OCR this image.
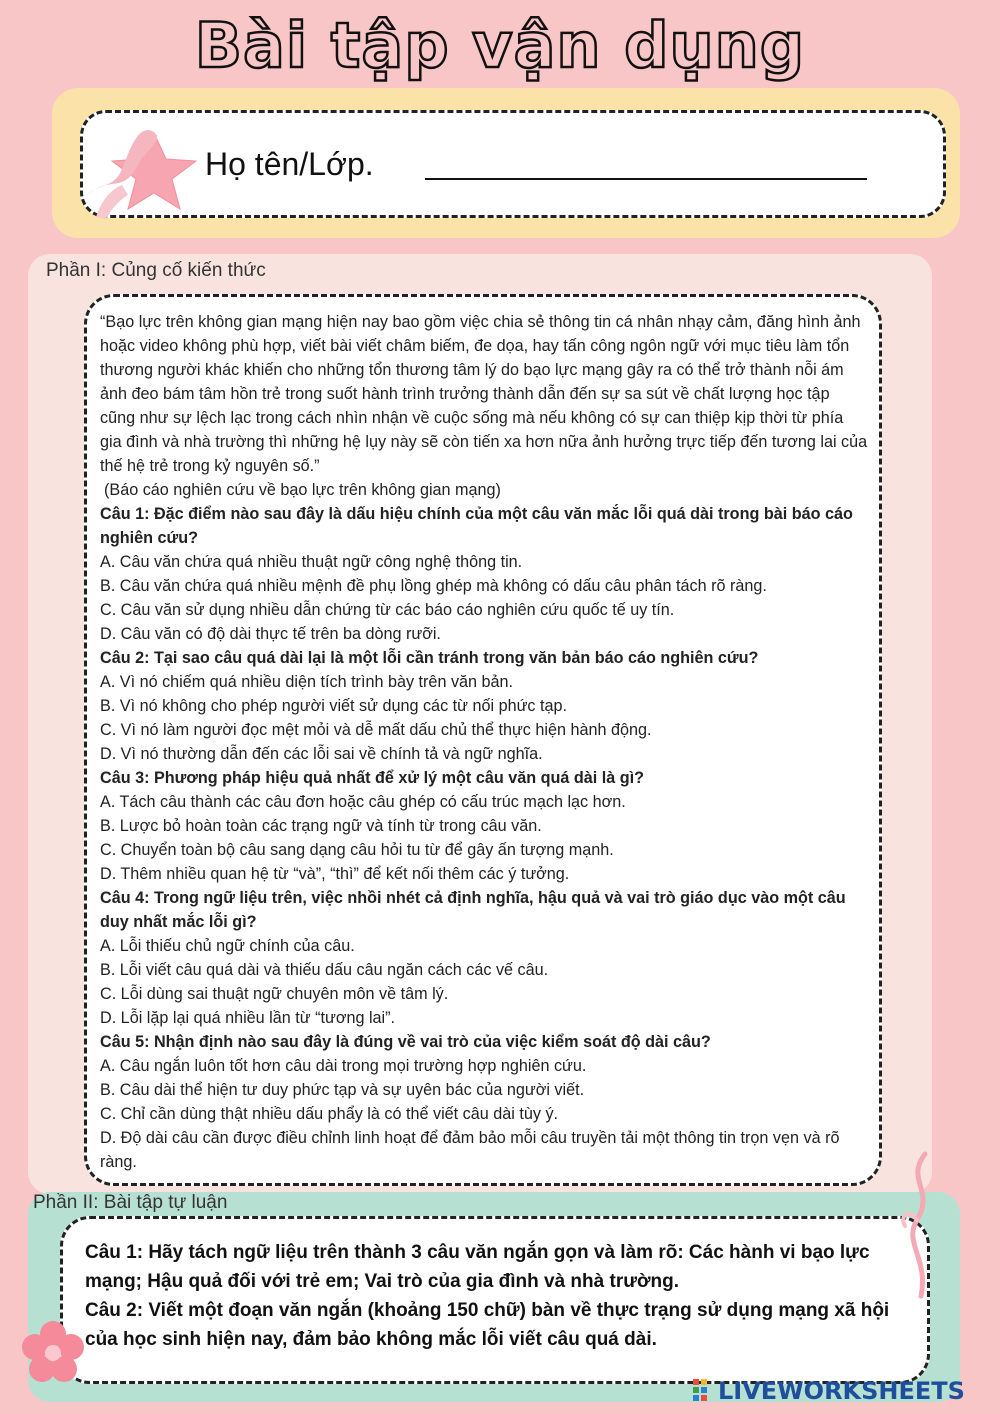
Bài tập vận dụng
Họ tên/Lớp.
Phần I: Củng cố kiến thức
“Bạo lực trên không gian mạng hiện nay bao gồm việc chia sẻ thông tin cá nhân nhạy cảm, đăng hình ảnh hoặc video không phù hợp, viết bài viết châm biếm, đe dọa, hay tấn công ngôn ngữ với mục tiêu làm tổn thương người khác khiến cho những tổn thương tâm lý do bạo lực mạng gây ra có thể trở thành nỗi ám ảnh đeo bám tâm hồn trẻ trong suốt hành trình trưởng thành dẫn đến sự sa sút về chất lượng học tập cũng như sự lệch lạc trong cách nhìn nhận về cuộc sống mà nếu không có sự can thiệp kịp thời từ phía gia đình và nhà trường thì những hệ lụy này sẽ còn tiến xa hơn nữa ảnh hưởng trực tiếp đến tương lai của thế hệ trẻ trong kỷ nguyên số.”
(Báo cáo nghiên cứu về bạo lực trên không gian mạng)
Câu 1: Đặc điểm nào sau đây là dấu hiệu chính của một câu văn mắc lỗi quá dài trong bài báo cáo nghiên cứu?
A. Câu văn chứa quá nhiều thuật ngữ công nghệ thông tin.
B. Câu văn chứa quá nhiều mệnh đề phụ lồng ghép mà không có dấu câu phân tách rõ ràng.
C. Câu văn sử dụng nhiều dẫn chứng từ các báo cáo nghiên cứu quốc tế uy tín.
D. Câu văn có độ dài thực tế trên ba dòng rưỡi.
Câu 2: Tại sao câu quá dài lại là một lỗi cần tránh trong văn bản báo cáo nghiên cứu?
A. Vì nó chiếm quá nhiều diện tích trình bày trên văn bản.
B. Vì nó không cho phép người viết sử dụng các từ nối phức tạp.
C. Vì nó làm người đọc mệt mỏi và dễ mất dấu chủ thể thực hiện hành động.
D. Vì nó thường dẫn đến các lỗi sai về chính tả và ngữ nghĩa.
Câu 3: Phương pháp hiệu quả nhất để xử lý một câu văn quá dài là gì?
A. Tách câu thành các câu đơn hoặc câu ghép có cấu trúc mạch lạc hơn.
B. Lược bỏ hoàn toàn các trạng ngữ và tính từ trong câu văn.
C. Chuyển toàn bộ câu sang dạng câu hỏi tu từ để gây ấn tượng mạnh.
D. Thêm nhiều quan hệ từ “và”, “thì” để kết nối thêm các ý tưởng.
Câu 4: Trong ngữ liệu trên, việc nhồi nhét cả định nghĩa, hậu quả và vai trò giáo dục vào một câu duy nhất mắc lỗi gì?
A. Lỗi thiếu chủ ngữ chính của câu.
B. Lỗi viết câu quá dài và thiếu dấu câu ngăn cách các vế câu.
C. Lỗi dùng sai thuật ngữ chuyên môn về tâm lý.
D. Lỗi lặp lại quá nhiều lần từ “tương lai”.
Câu 5: Nhận định nào sau đây là đúng về vai trò của việc kiểm soát độ dài câu?
A. Câu ngắn luôn tốt hơn câu dài trong mọi trường hợp nghiên cứu.
B. Câu dài thể hiện tư duy phức tạp và sự uyên bác của người viết.
C. Chỉ cần dùng thật nhiều dấu phẩy là có thể viết câu dài tùy ý.
D. Độ dài câu cần được điều chỉnh linh hoạt để đảm bảo mỗi câu truyền tải một thông tin trọn vẹn và rõ ràng.
Phần II: Bài tập tự luận
Câu 1: Hãy tách ngữ liệu trên thành 3 câu văn ngắn gọn và làm rõ: Các hành vi bạo lực mạng; Hậu quả đối với trẻ em; Vai trò của gia đình và nhà trường.
Câu 2: Viết một đoạn văn ngắn (khoảng 150 chữ) bàn về thực trạng sử dụng mạng xã hội của học sinh hiện nay, đảm bảo không mắc lỗi viết câu quá dài.
LIVEWORKSHEETS
